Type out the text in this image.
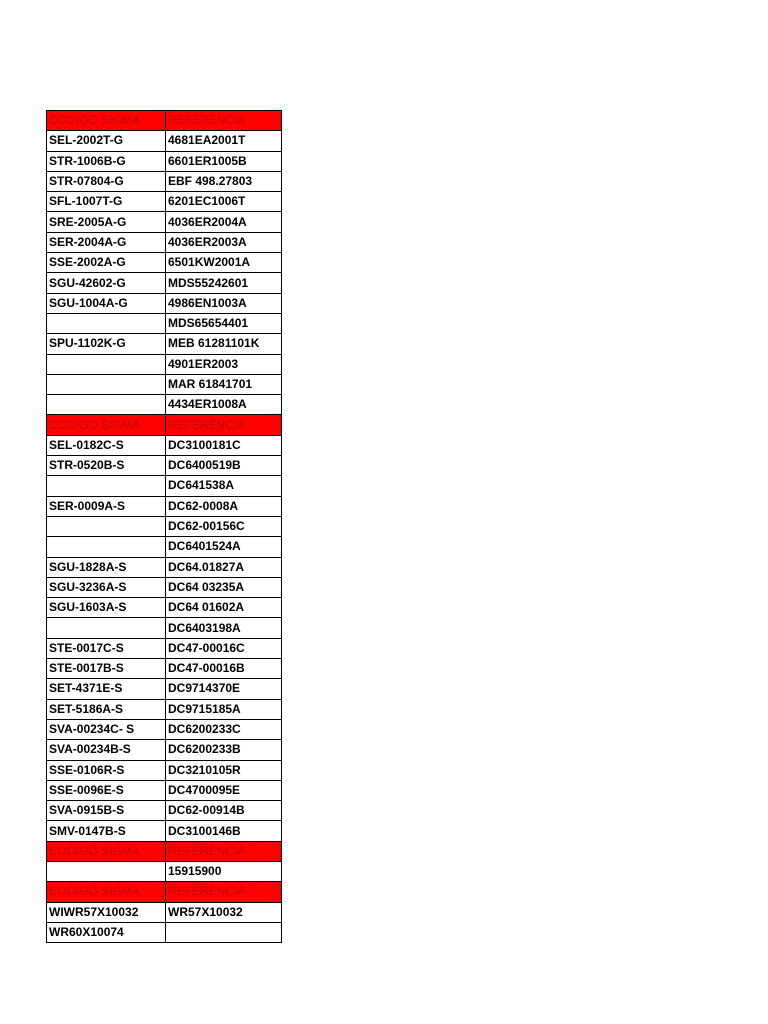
CODIGO SIGMA	REFERÊNCIA
SEL-2002T-G	4681EA2001T
STR-1006B-G	6601ER1005B
STR-07804-G	EBF 498.27803
SFL-1007T-G	6201EC1006T
SRE-2005A-G	4036ER2004A
SER-2004A-G	4036ER2003A
SSE-2002A-G	6501KW2001A
SGU-42602-G	MDS55242601
SGU-1004A-G	4986EN1003A
	MDS65654401
SPU-1102K-G	MEB 61281101K
	4901ER2003
	MAR 61841701
	4434ER1008A
CODIGO SIGMA	REFERÊNCIA
SEL-0182C-S	DC3100181C
STR-0520B-S	DC6400519B
	DC641538A
SER-0009A-S	DC62-0008A
	DC62-00156C
	DC6401524A
SGU-1828A-S	DC64.01827A
SGU-3236A-S	DC64 03235A
SGU-1603A-S	DC64 01602A
	DC6403198A
STE-0017C-S	DC47-00016C
STE-0017B-S	DC47-00016B
SET-4371E-S	DC9714370E
SET-5186A-S	DC9715185A
SVA-00234C- S	DC6200233C
SVA-00234B-S	DC6200233B
SSE-0106R-S	DC3210105R
SSE-0096E-S	DC4700095E
SVA-0915B-S	DC62-00914B
SMV-0147B-S	DC3100146B
CODIGO SIGMA	REFERÊNCIA
	15915900
CODIGO SIGMA	REFERÊNCIA
WIWR57X10032	WR57X10032
WR60X10074	
